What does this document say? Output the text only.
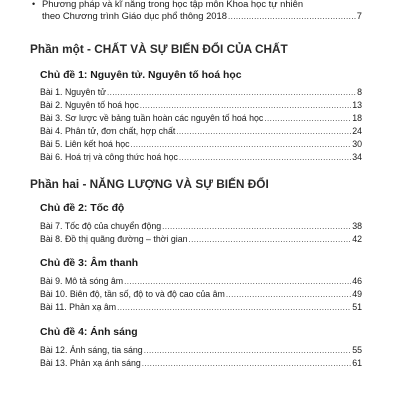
• Phương pháp và kĩ năng trong học tập môn Khoa học tự nhiên
theo Chương trình Giáo dục phổ thông 2018 .....	7
Phần một - CHẤT VÀ SỰ BIẾN ĐỔI CỦA CHẤT
Chủ đề 1: Nguyên tử. Nguyên tố hoá học
Bài 1. Nguyên tử .....	8
Bài 2. Nguyên tố hoá học .....	13
Bài 3. Sơ lược về bảng tuần hoàn các nguyên tố hoá học .....	18
Bài 4. Phân tử, đơn chất, hợp chất .....	24
Bài 5. Liên kết hoá học .....	30
Bài 6. Hoá trị và công thức hoá học .....	34
Phần hai - NĂNG LƯỢNG VÀ SỰ BIẾN ĐỔI
Chủ đề 2: Tốc độ
Bài 7. Tốc độ của chuyển động .....	38
Bài 8. Đồ thị quãng đường – thời gian .....	42
Chủ đề 3: Âm thanh
Bài 9. Mô tả sóng âm .....	46
Bài 10. Biên độ, tần số, độ to và độ cao của âm .....	49
Bài 11. Phản xạ âm .....	51
Chủ đề 4: Ánh sáng
Bài 12. Ánh sáng, tia sáng .....	55
Bài 13. Phản xạ ánh sáng .....	61
